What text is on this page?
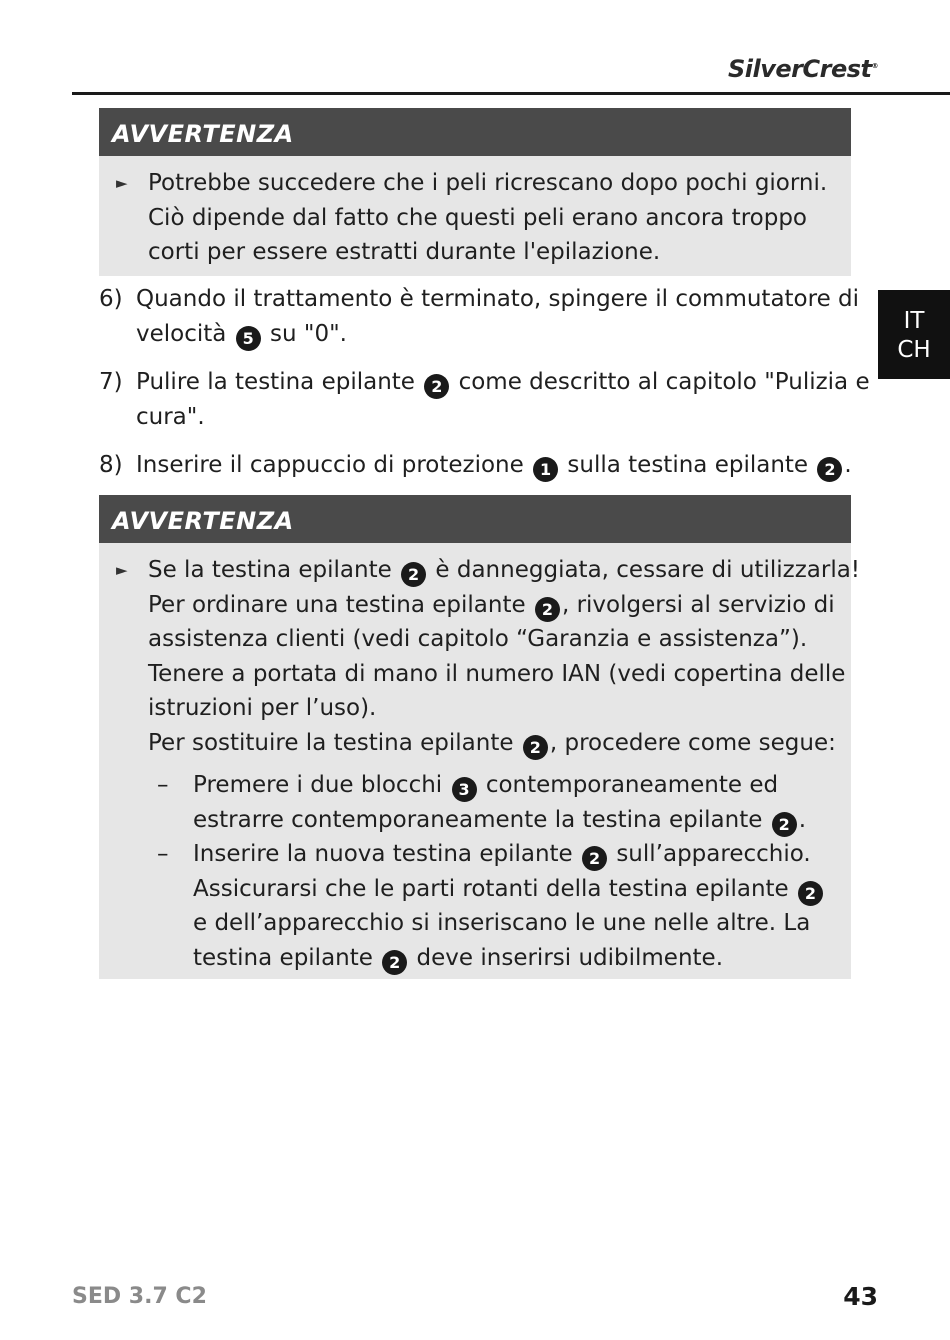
SilverCrest®
IT
CH
AVVERTENZA
► Potrebbe succedere che i peli ricrescano dopo pochi giorni.
Ciò dipende dal fatto che questi peli erano ancora troppo
corti per essere estratti durante l'epilazione.
6) Quando il trattamento è terminato, spingere il commutatore di
velocità 5 su "0".
7) Pulire la testina epilante 2 come descritto al capitolo "Pulizia e
cura".
8) Inserire il cappuccio di protezione 1 sulla testina epilante 2 .
AVVERTENZA
► Se la testina epilante 2 è danneggiata, cessare di utilizzarla!
Per ordinare una testina epilante 2 , rivolgersi al servizio di
assistenza clienti (vedi capitolo “Garanzia e assistenza”).
Tenere a portata di mano il numero IAN (vedi copertina delle
istruzioni per l’uso).
Per sostituire la testina epilante 2 , procedere come segue:
– Premere i due blocchi 3 contemporaneamente ed
estrarre contemporaneamente la testina epilante 2 .
– Inserire la nuova testina epilante 2 sull’apparecchio.
Assicurarsi che le parti rotanti della testina epilante 2
e dell’apparecchio si inseriscano le une nelle altre. La
testina epilante 2 deve inserirsi udibilmente.
SED 3.7 C2	43
